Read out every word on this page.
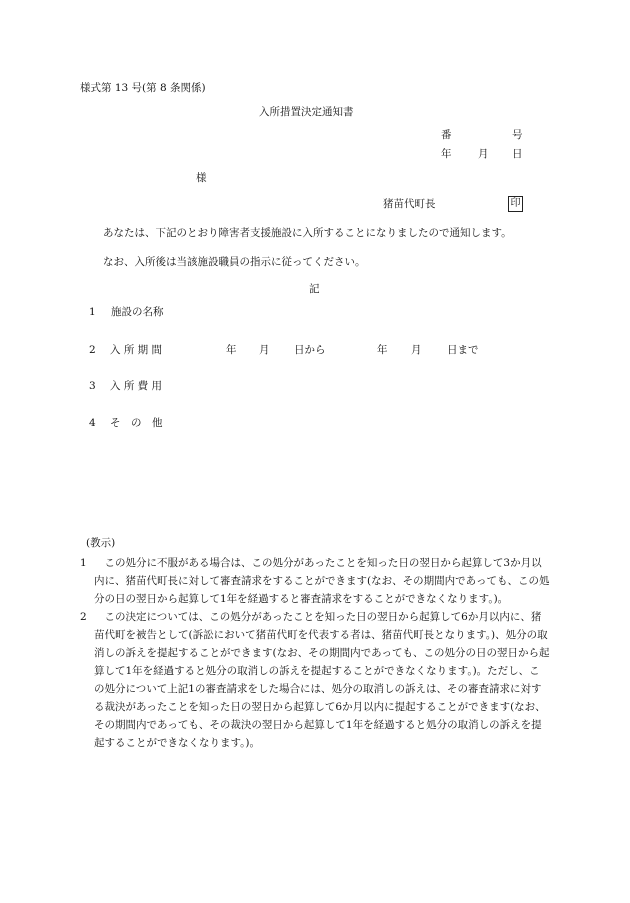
様式第 13 号(第 8 条関係)
入所措置決定通知書
番	号
年	月 日
様
猪苗代町長	印
あなたは、下記のとおり障害者支援施設に入所することになりましたので通知します。
なお、入所後は当該施設職員の指示に従ってください。
記
1 施設の名称
2 入 所 期 間	年 月 日から	年 月 日まで
3 入 所 費 用
4 そ　の　他
(教示)
1	この処分に不服がある場合は、この処分があったことを知った日の翌日から起算して3か月以内に、猪苗代町長に対して審査請求をすることができます(なお、その期間内であっても、この処分の日の翌日から起算して1年を経過すると審査請求をすることができなくなります。)。
2	この決定については、この処分があったことを知った日の翌日から起算して6か月以内に、猪苗代町を被告として(訴訟において猪苗代町を代表する者は、猪苗代町長となります。)、処分の取消しの訴えを提起することができます(なお、その期間内であっても、この処分の日の翌日から起算して1年を経過すると処分の取消しの訴えを提起することができなくなります。)。ただし、この処分について上記1の審査請求をした場合には、処分の取消しの訴えは、その審査請求に対する裁決があったことを知った日の翌日から起算して6か月以内に提起することができます(なお、その期間内であっても、その裁決の翌日から起算して1年を経過すると処分の取消しの訴えを提起することができなくなります。)。
